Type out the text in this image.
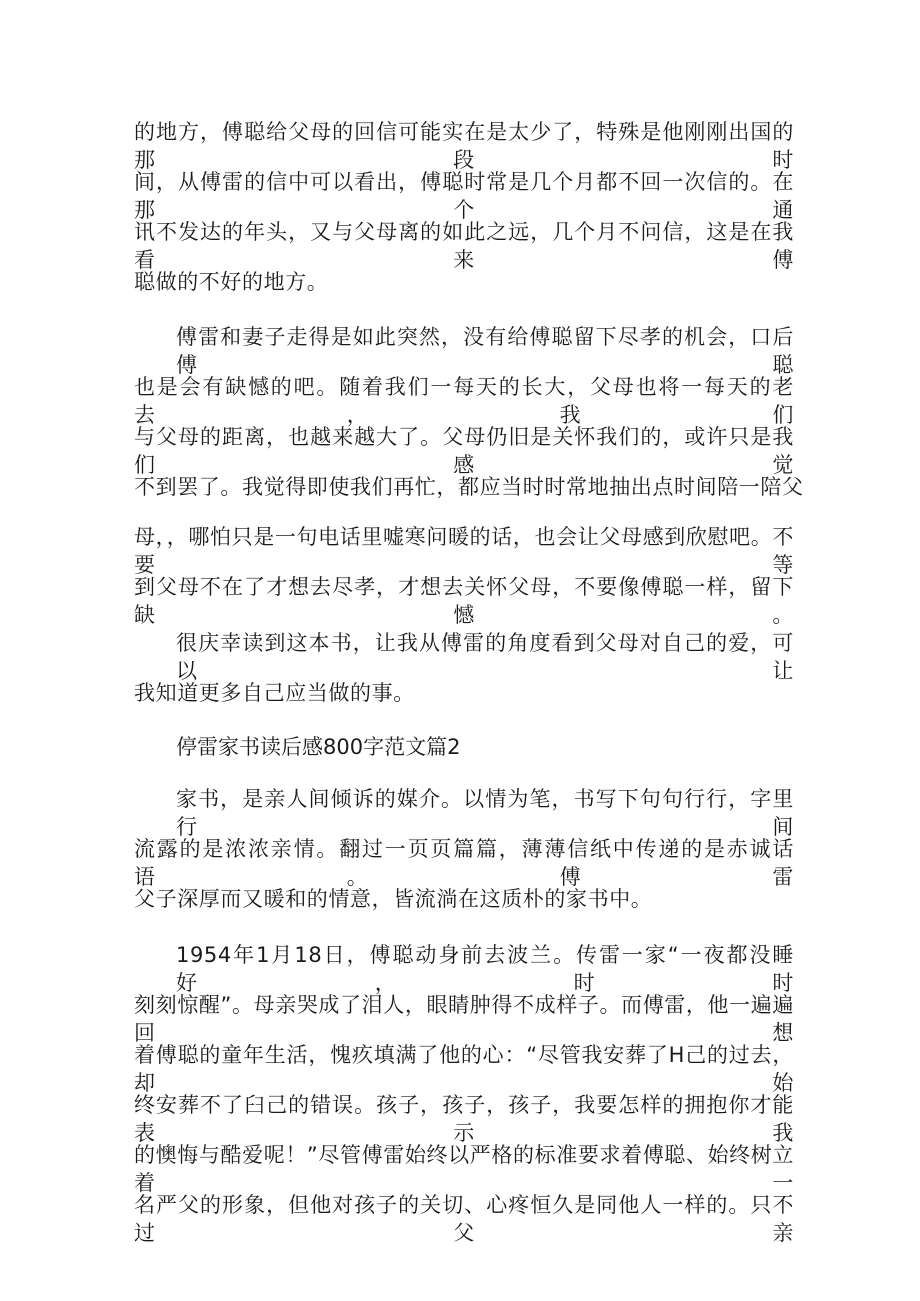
的地方，傅聪给父母的回信可能实在是太少了，特殊是他刚刚出国的那段时
间，从傅雷的信中可以看出，傅聪时常是几个月都不回一次信的。在那个通
讯不发达的年头，又与父母离的如此之远，几个月不问信，这是在我看来傅
聪做的不好的地方。
傅雷和妻子走得是如此突然，没有给傅聪留下尽孝的机会，口后傅聪
也是会有缺憾的吧。随着我们一每天的长大，父母也将一每天的老去，我们
与父母的距离，也越来越大了。父母仍旧是关怀我们的，或许只是我们感觉
不到罢了。我觉得即使我们再忙，都应当时时常地抽出点时间陪一陪父
母，，哪怕只是一句电话里嘘寒问暖的话，也会让父母感到欣慰吧。不要等
到父母不在了才想去尽孝，才想去关怀父母，不要像傅聪一样，留下缺憾。
很庆幸读到这本书，让我从傅雷的角度看到父母对自己的爱，可以让
我知道更多自己应当做的事。
停雷家书读后感800字范文篇2
家书，是亲人间倾诉的媒介。以情为笔，书写下句句行行，字里行间
流露的是浓浓亲情。翻过一页页篇篇，薄薄信纸中传递的是赤诚话语。傅雷
父子深厚而又暖和的情意，皆流淌在这质朴的家书中。
1954年1月18日，傅聪动身前去波兰。传雷一家“一夜都没睡好，时时
刻刻惊醒”。母亲哭成了泪人，眼睛肿得不成样子。而傅雷，他一遍遍回想
着傅聪的童年生活，愧疚填满了他的心：“尽管我安葬了H己的过去，却始
终安葬不了臼己的错误。孩子，孩子，孩子，我要怎样的拥抱你才能表示我
的懊悔与酷爱呢！”尽管傅雷始终以严格的标准要求着傅聪、始终树立着一
名严父的形象，但他对孩子的关切、心疼恒久是同他人一样的。只不过父亲
